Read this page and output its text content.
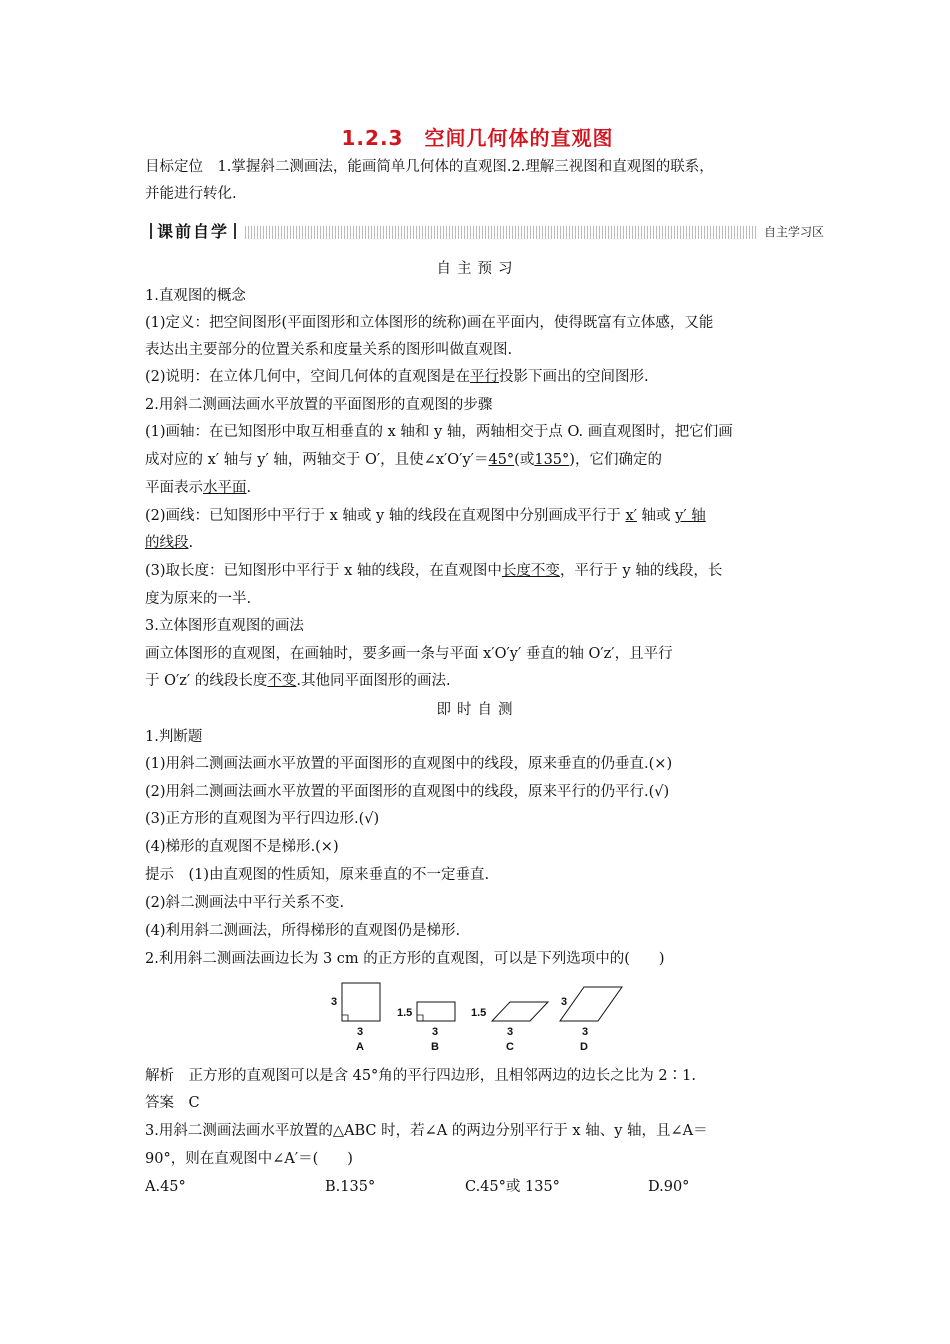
1.2.3　空间几何体的直观图
目标定位　1.掌握斜二测画法，能画简单几何体的直观图.2.理解三视图和直观图的联系，
并能进行转化.
课前自学	自主学习区
自主预习
1.直观图的概念
(1)定义：把空间图形(平面图形和立体图形的统称)画在平面内，使得既富有立体感，又能
表达出主要部分的位置关系和度量关系的图形叫做直观图.
(2)说明：在立体几何中，空间几何体的直观图是在平行投影下画出的空间图形.
2.用斜二测画法画水平放置的平面图形的直观图的步骤
(1)画轴：在已知图形中取互相垂直的 x 轴和 y 轴，两轴相交于点 O. 画直观图时，把它们画
成对应的 x′ 轴与 y′ 轴，两轴交于 O′，且使∠x′O′y′＝45°(或135°)，它们确定的
平面表示水平面.
(2)画线：已知图形中平行于 x 轴或 y 轴的线段在直观图中分别画成平行于 x′ 轴或 y′ 轴
的线段.
(3)取长度：已知图形中平行于 x 轴的线段，在直观图中长度不变，平行于 y 轴的线段，长
度为原来的一半.
3.立体图形直观图的画法
画立体图形的直观图，在画轴时，要多画一条与平面 x′O′y′ 垂直的轴 O′z′，且平行
于 O′z′ 的线段长度不变.其他同平面图形的画法.
即时自测
1.判断题
(1)用斜二测画法画水平放置的平面图形的直观图中的线段，原来垂直的仍垂直.(×)
(2)用斜二测画法画水平放置的平面图形的直观图中的线段，原来平行的仍平行.(√)
(3)正方形的直观图为平行四边形.(√)
(4)梯形的直观图不是梯形.(×)
提示　(1)由直观图的性质知，原来垂直的不一定垂直.
(2)斜二测画法中平行关系不变.
(4)利用斜二测画法，所得梯形的直观图仍是梯形.
2.利用斜二测画法画边长为 3 cm 的正方形的直观图，可以是下列选项中的(　　)
3
3
A
1.5
3
B
1.5
3
C
3
3
D
解析　正方形的直观图可以是含 45°角的平行四边形，且相邻两边的边长之比为 2∶1.
答案　C
3.用斜二测画法画水平放置的△ABC 时，若∠A 的两边分别平行于 x 轴、y 轴，且∠A＝
90°，则在直观图中∠A′＝(　　)
A.45°	B.135°	C.45°或 135°	D.90°
